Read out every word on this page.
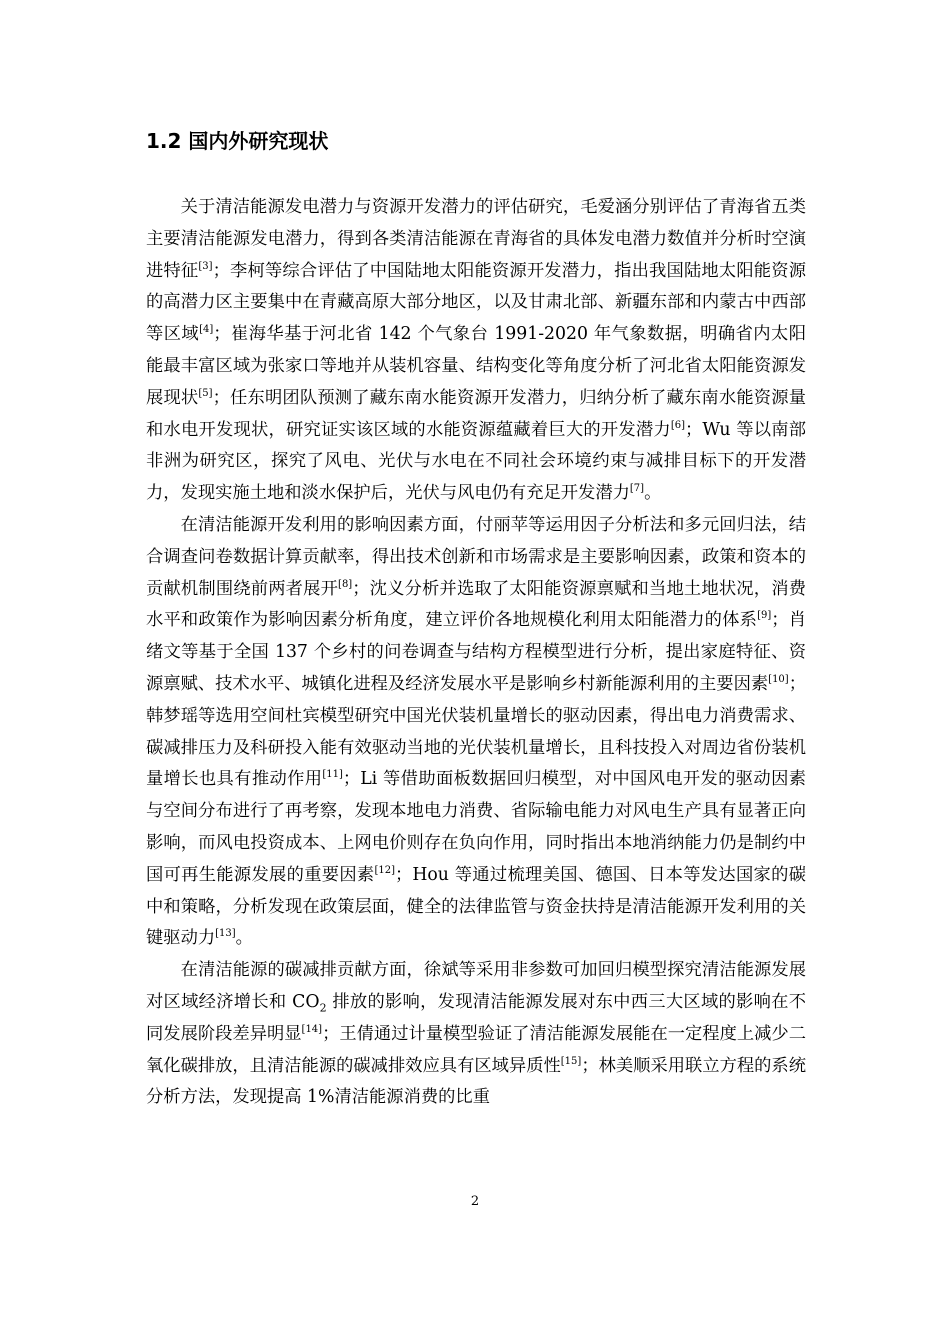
1.2 国内外研究现状

关于清洁能源发电潜力与资源开发潜力的评估研究，毛爱涵分别评估了青海省五类主要清洁能源发电潜力，得到各类清洁能源在青海省的具体发电潜力数值并分析时空演进特征[3]；李柯等综合评估了中国陆地太阳能资源开发潜力，指出我国陆地太阳能资源的高潜力区主要集中在青藏高原大部分地区，以及甘肃北部、新疆东部和内蒙古中西部等区域[4]；崔海华基于河北省 142 个气象台 1991-2020 年气象数据，明确省内太阳能最丰富区域为张家口等地并从装机容量、结构变化等角度分析了河北省太阳能资源发展现状[5]；任东明团队预测了藏东南水能资源开发潜力，归纳分析了藏东南水能资源量和水电开发现状，研究证实该区域的水能资源蕴藏着巨大的开发潜力[6]；Wu 等以南部非洲为研究区，探究了风电、光伏与水电在不同社会环境约束与减排目标下的开发潜力，发现实施土地和淡水保护后，光伏与风电仍有充足开发潜力[7]。

在清洁能源开发利用的影响因素方面，付丽苹等运用因子分析法和多元回归法，结合调查问卷数据计算贡献率，得出技术创新和市场需求是主要影响因素，政策和资本的贡献机制围绕前两者展开[8]；沈义分析并选取了太阳能资源禀赋和当地土地状况，消费水平和政策作为影响因素分析角度，建立评价各地规模化利用太阳能潜力的体系[9]；肖绪文等基于全国 137 个乡村的问卷调查与结构方程模型进行分析，提出家庭特征、资源禀赋、技术水平、城镇化进程及经济发展水平是影响乡村新能源利用的主要因素[10]；韩梦瑶等选用空间杜宾模型研究中国光伏装机量增长的驱动因素，得出电力消费需求、碳减排压力及科研投入能有效驱动当地的光伏装机量增长，且科技投入对周边省份装机量增长也具有推动作用[11]；Li 等借助面板数据回归模型，对中国风电开发的驱动因素与空间分布进行了再考察，发现本地电力消费、省际输电能力对风电生产具有显著正向影响，而风电投资成本、上网电价则存在负向作用，同时指出本地消纳能力仍是制约中国可再生能源发展的重要因素[12]；Hou 等通过梳理美国、德国、日本等发达国家的碳中和策略，分析发现在政策层面，健全的法律监管与资金扶持是清洁能源开发利用的关键驱动力[13]。

在清洁能源的碳减排贡献方面，徐斌等采用非参数可加回归模型探究清洁能源发展对区域经济增长和 $CO_2$ 排放的影响，发现清洁能源发展对东中西三大区域的影响在不同发展阶段差异明显[14]；王倩通过计量模型验证了清洁能源发展能在一定程度上减少二氧化碳排放，且清洁能源的碳减排效应具有区域异质性[15]；林美顺采用联立方程的系统分析方法，发现提高 1%清洁能源消费的比重

2
